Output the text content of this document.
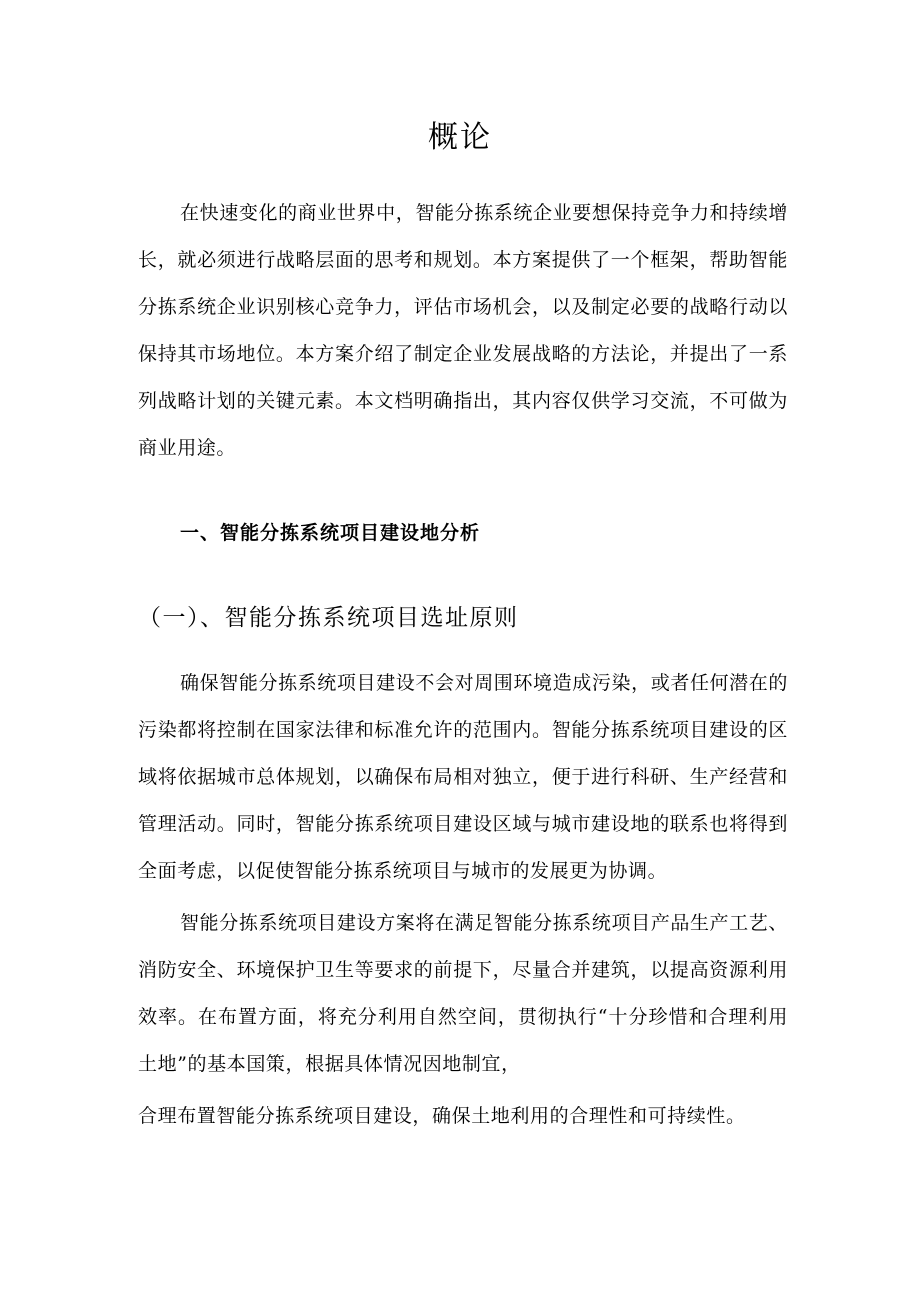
概论

在快速变化的商业世界中，智能分拣系统企业要想保持竞争力和持续增长，就必须进行战略层面的思考和规划。本方案提供了一个框架，帮助智能分拣系统企业识别核心竞争力，评估市场机会，以及制定必要的战略行动以保持其市场地位。本方案介绍了制定企业发展战略的方法论，并提出了一系列战略计划的关键元素。本文档明确指出，其内容仅供学习交流，不可做为商业用途。

一、智能分拣系统项目建设地分析
（一）、智能分拣系统项目选址原则

确保智能分拣系统项目建设不会对周围环境造成污染，或者任何潜在的污染都将控制在国家法律和标准允许的范围内。智能分拣系统项目建设的区域将依据城市总体规划，以确保布局相对独立，便于进行科研、生产经营和管理活动。同时，智能分拣系统项目建设区域与城市建设地的联系也将得到全面考虑，以促使智能分拣系统项目与城市的发展更为协调。

智能分拣系统项目建设方案将在满足智能分拣系统项目产品生产工艺、消防安全、环境保护卫生等要求的前提下，尽量合并建筑，以提高资源利用效率。在布置方面，将充分利用自然空间，贯彻执行“十分珍惜和合理利用土地”的基本国策，根据具体情况因地制宜，

合理布置智能分拣系统项目建设，确保土地利用的合理性和可持续性。
